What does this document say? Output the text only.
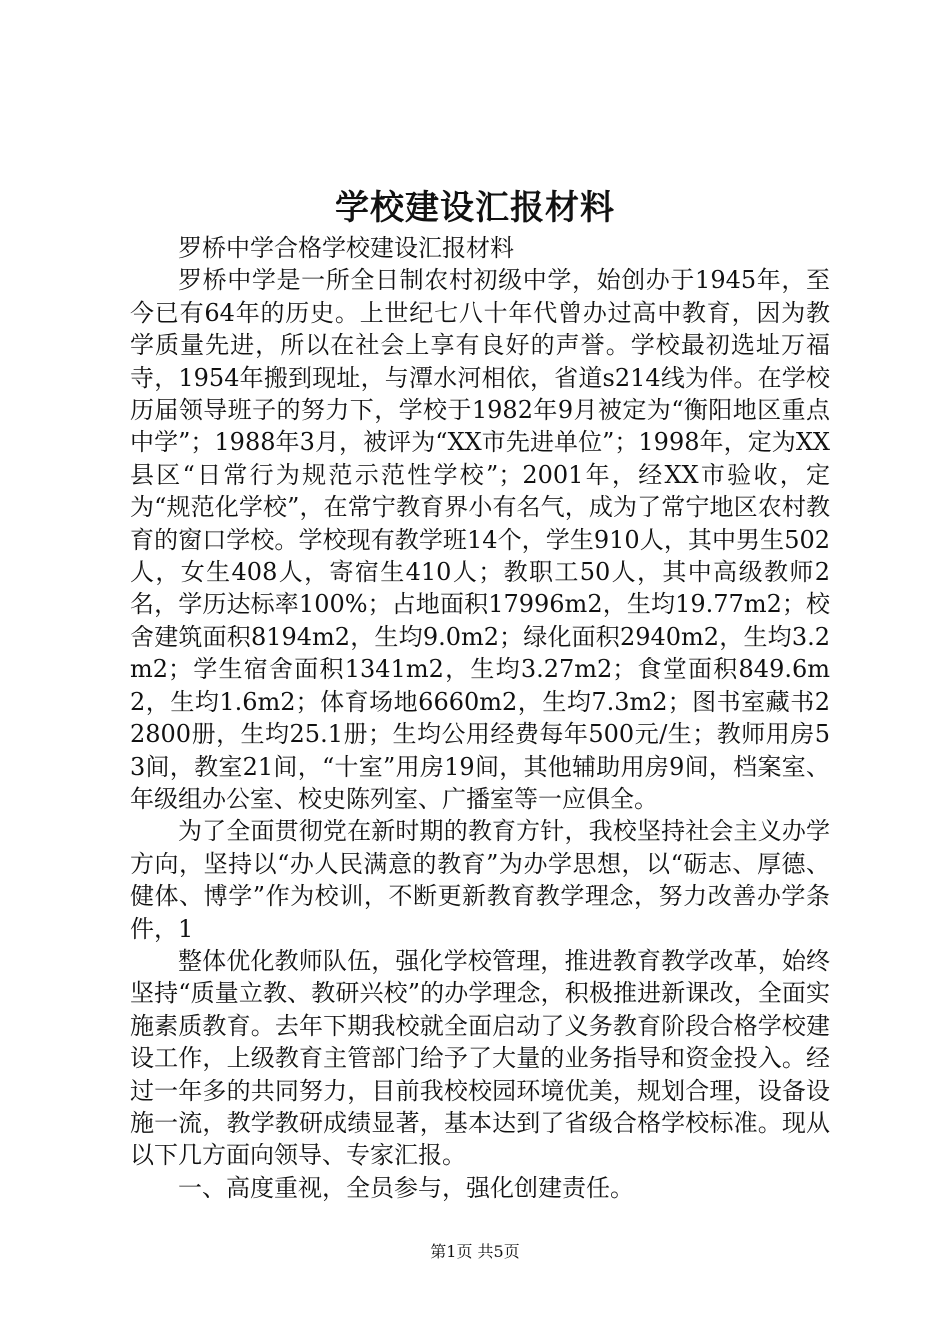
学校建设汇报材料

罗桥中学合格学校建设汇报材料

罗桥中学是一所全日制农村初级中学，始创办于1945年，至今已有64年的历史。上世纪七八十年代曾办过高中教育，因为教学质量先进，所以在社会上享有良好的声誉。学校最初选址万福寺，1954年搬到现址，与潭水河相依，省道s214线为伴。在学校历届领导班子的努力下，学校于1982年9月被定为“衡阳地区重点中学”；1988年3月，被评为“XX市先进单位”；1998年，定为XX县区“日常行为规范示范性学校”；2001年，经XX市验收，定为“规范化学校”，在常宁教育界小有名气，成为了常宁地区农村教育的窗口学校。学校现有教学班14个，学生910人，其中男生502人，女生408人，寄宿生410人；教职工50人，其中高级教师2名，学历达标率100%；占地面积17996m2，生均19.77m2；校舍建筑面积8194m2，生均9.0m2；绿化面积2940m2，生均3.2m2；学生宿舍面积1341m2，生均3.27m2；食堂面积849.6m2，生均1.6m2；体育场地6660m2，生均7.3m2；图书室藏书22800册，生均25.1册；生均公用经费每年500元/生；教师用房53间，教室21间，“十室”用房19间，其他辅助用房9间，档案室、年级组办公室、校史陈列室、广播室等一应俱全。

为了全面贯彻党在新时期的教育方针，我校坚持社会主义办学方向，坚持以“办人民满意的教育”为办学思想，以“砺志、厚德、健体、博学”作为校训，不断更新教育教学理念，努力改善办学条件，1

整体优化教师队伍，强化学校管理，推进教育教学改革，始终坚持“质量立教、教研兴校”的办学理念，积极推进新课改，全面实施素质教育。去年下期我校就全面启动了义务教育阶段合格学校建设工作，上级教育主管部门给予了大量的业务指导和资金投入。经过一年多的共同努力，目前我校校园环境优美，规划合理，设备设施一流，教学教研成绩显著，基本达到了省级合格学校标准。现从以下几方面向领导、专家汇报。

一、高度重视，全员参与，强化创建责任。

第1页 共5页
